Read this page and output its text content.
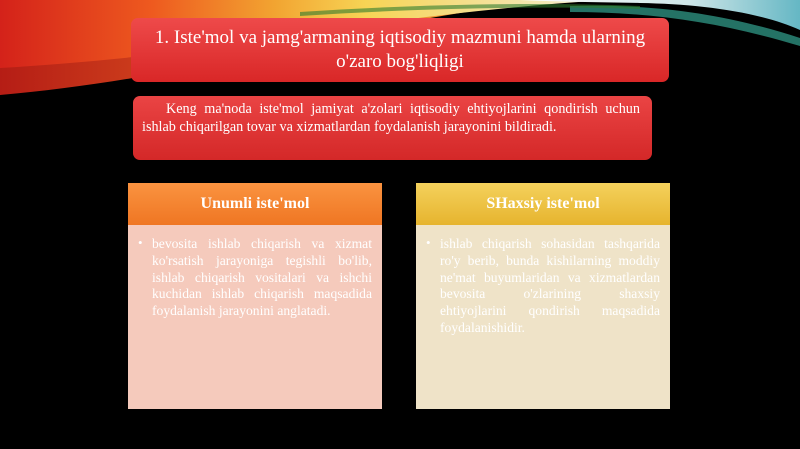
1. Iste'mol va jamg'armaning iqtisodiy mazmuni hamda ularning o'zaro bog'liqligi
Keng ma'noda iste'mol jamiyat a'zolari iqtisodiy ehtiyojlarini qondirish uchun ishlab chiqarilgan tovar va xizmatlardan foydalanish jarayonini bildiradi.
Unumli iste'mol
• bevosita ishlab chiqarish va xizmat ko'rsatish jarayoniga tegishli bo'lib, ishlab chiqarish vositalari va ishchi kuchidan ishlab chiqarish maqsadida foydalanish jarayonini anglatadi.
SHaxsiy iste'mol
• ishlab chiqarish sohasidan tashqarida ro'y berib, bunda kishilarning moddiy ne'mat buyumlaridan va xizmatlardan bevosita o'zlarining shaxsiy ehtiyojlarini qondirish maqsadida foydalanishidir.
